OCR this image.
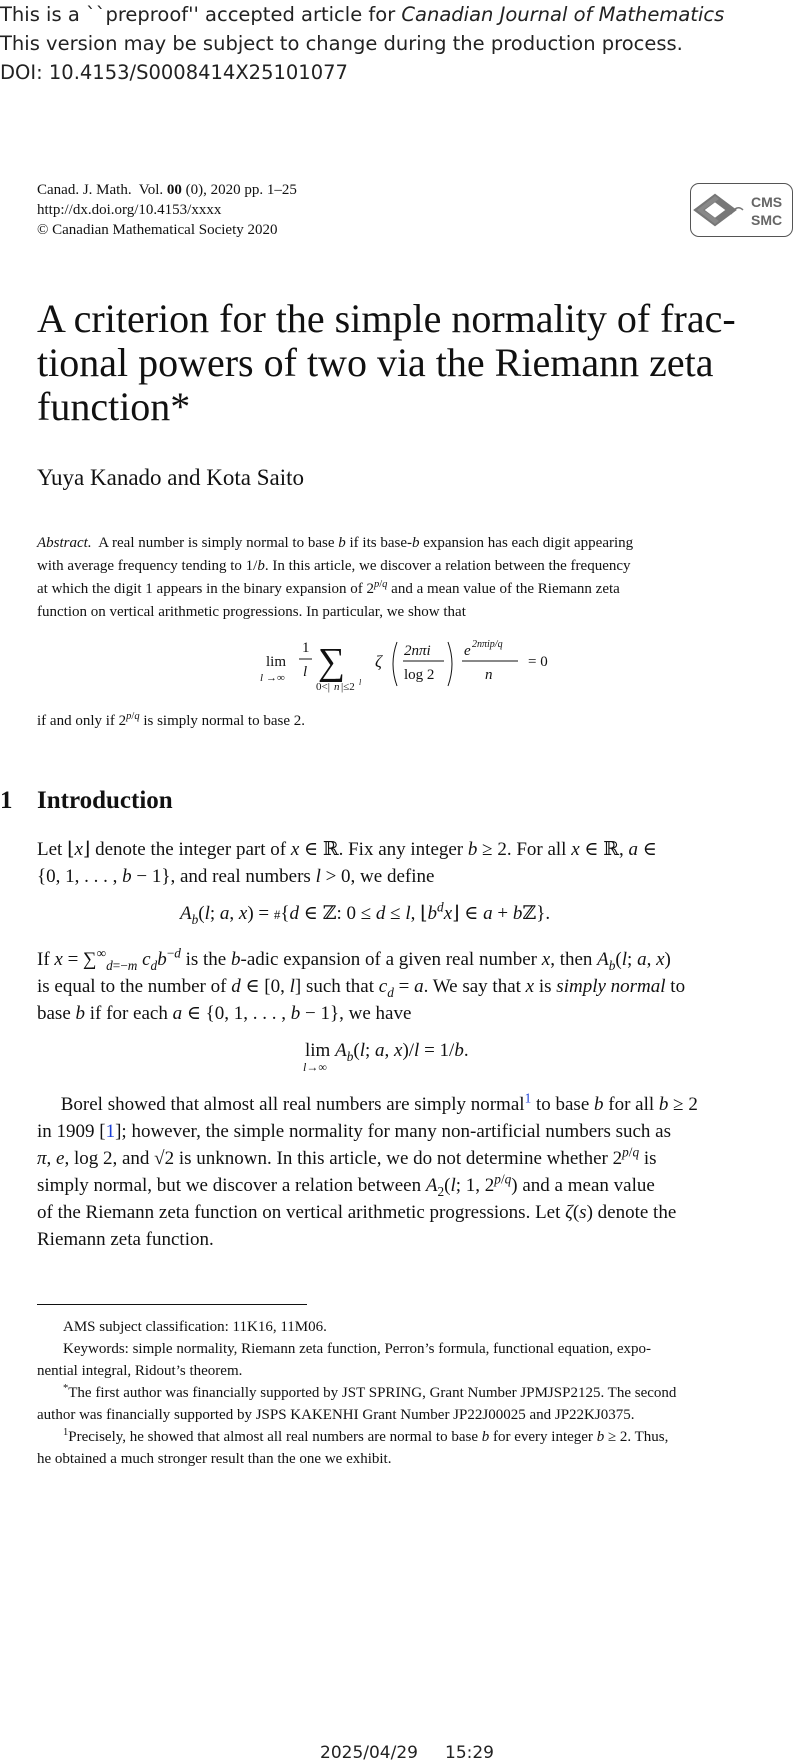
This is a ``preproof'' accepted article for Canadian Journal of Mathematics
This version may be subject to change during the production process.
DOI: 10.4153/S0008414X25101077
Canad. J. Math.  Vol. 00 (0), 2020 pp. 1–25
http://dx.doi.org/10.4153/xxxx
© Canadian Mathematical Society 2020
CMS
SMC
A criterion for the simple normality of frac-
tional powers of two via the Riemann zeta
function*
Yuya Kanado and Kota Saito
Abstract.  A real number is simply normal to base b if its base-b expansion has each digit appearing
with average frequency tending to 1/b. In this article, we discover a relation between the frequency
at which the digit 1 appears in the binary expansion of $2^{p/q}$ and a mean value of the Riemann zeta
function on vertical arithmetic progressions. In particular, we show that
lim
l →∞
1
l ∑
0<| n |≤2 l
ζ
2nπi
log 2
e 2nπip/q
n
= 0
if and only if $2^{p/q}$ is simply normal to base 2.
1 Introduction
Let ⌊x⌋ denote the integer part of x ∈ ℝ. Fix any integer b ≥ 2. For all x ∈ ℝ, a ∈
{0, 1, . . . , b − 1}, and real numbers l > 0, we define
$A_b(l$; a, x) = #{d ∈ ℤ: 0 ≤ d ≤ l, $⌊b^dx⌋$ ∈ a + bℤ}.
If $x = \sum^\infty_{d=-m}$ $c_db^{-d}$ is the b-adic expansion of a given real number x, then $A_b(l$; a, x)
is equal to the number of d ∈ [0, l] such that $c_d = a$. We say that x is simply normal to
base b if for each a ∈ {0, 1, . . . , b − 1}, we have
lim
l→∞
$A_b(l$; a, x)/l = 1/b.
Borel showed that almost all real numbers are simply normal$^1$ to base b for all b ≥ 2
in 1909 [1]; however, the simple normality for many non-artificial numbers such as
π, e, log 2, and √2 is unknown. In this article, we do not determine whether $2^{p/q}$ is
simply normal, but we discover a relation between $A_2(l$; 1, $2^{p/q}$) and a mean value
of the Riemann zeta function on vertical arithmetic progressions. Let ζ(s) denote the
Riemann zeta function.
AMS subject classification: 11K16, 11M06.
Keywords: simple normality, Riemann zeta function, Perron’s formula, functional equation, expo-
nential integral, Ridout’s theorem.
*The first author was financially supported by JST SPRING, Grant Number JPMJSP2125. The second
author was financially supported by JSPS KAKENHI Grant Number JP22J00025 and JP22KJ0375.
$^1$Precisely, he showed that almost all real numbers are normal to base b for every integer b ≥ 2. Thus,
he obtained a much stronger result than the one we exhibit.
2025/04/29     15:29
